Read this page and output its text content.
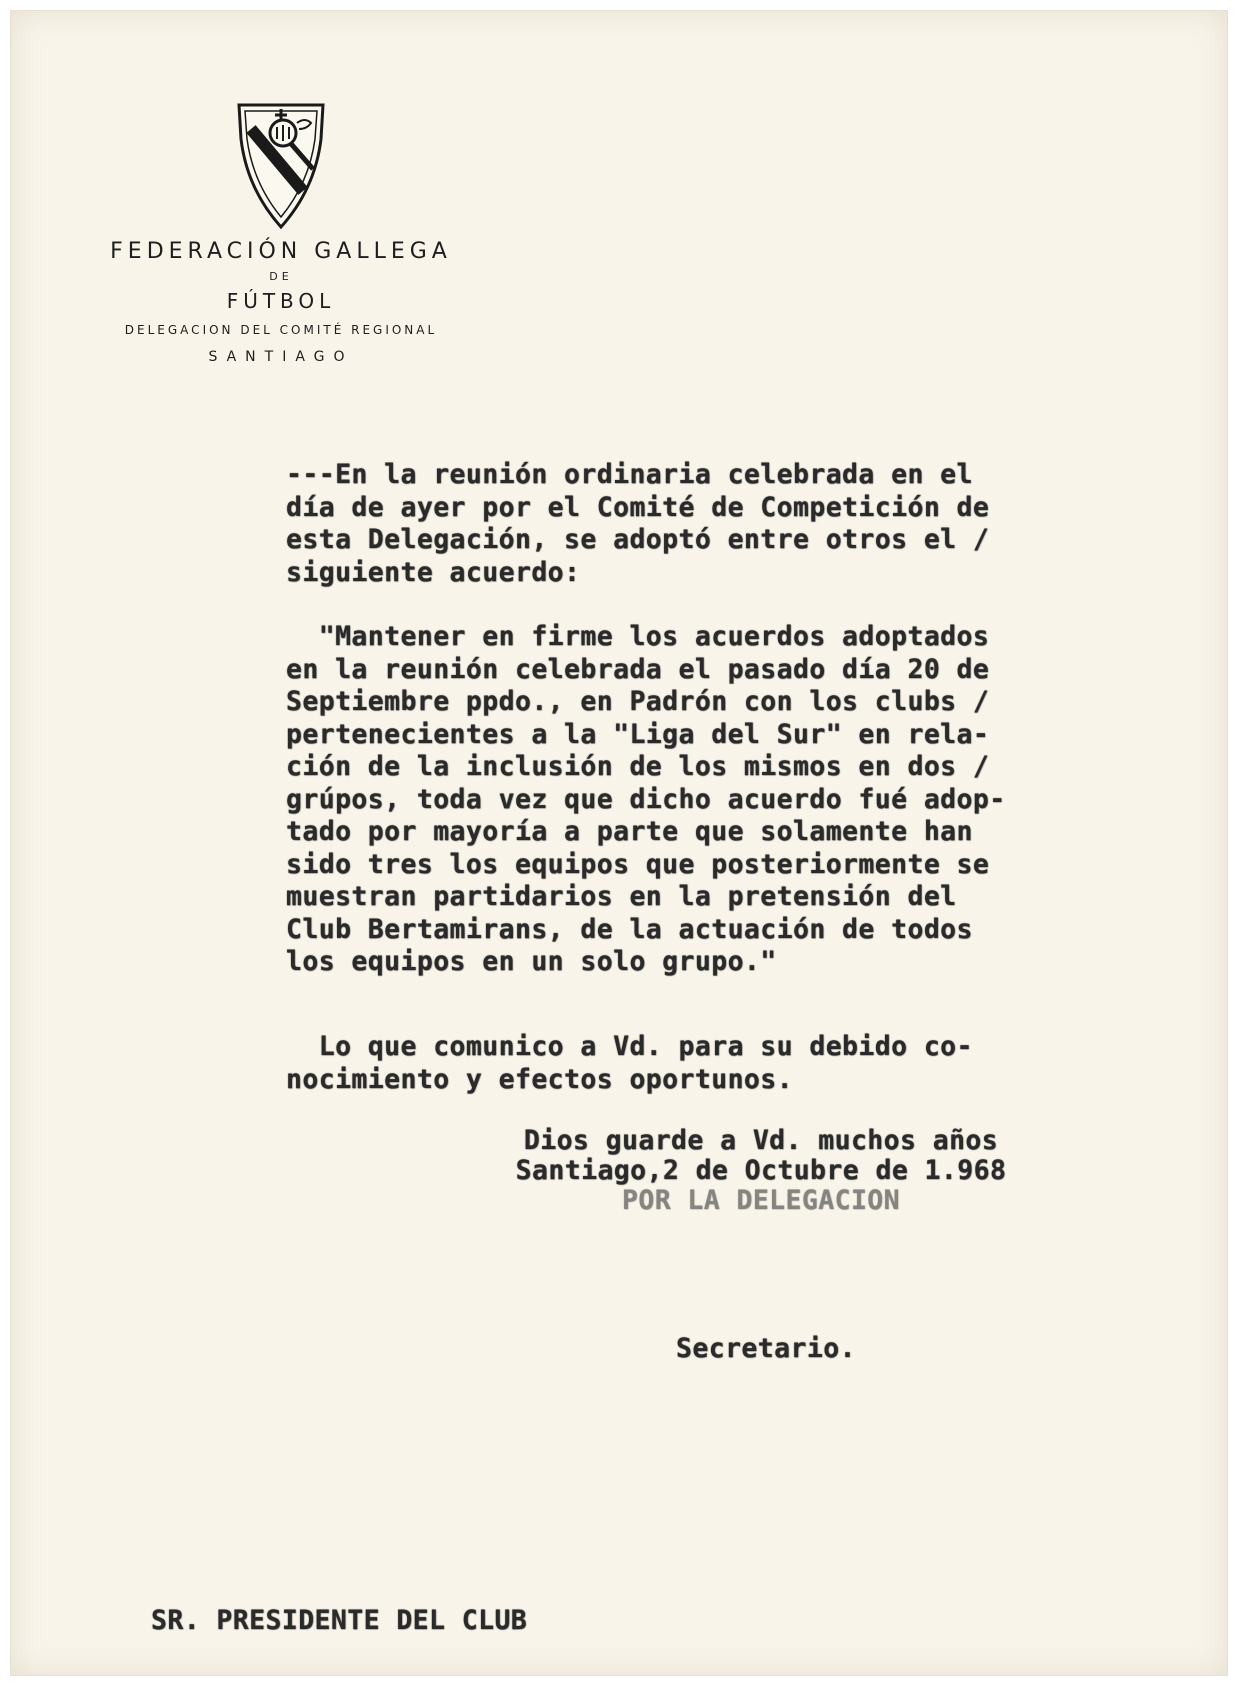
FEDERACIÓN GALLEGA
DE
FÚTBOL
DELEGACION DEL COMITÉ REGIONAL
SANTIAGO

---En la reunión ordinaria celebrada en el
día de ayer por el Comité de Competición de
esta Delegación, se adoptó entre otros el /
siguiente acuerdo:

"Mantener en firme los acuerdos adoptados
en la reunión celebrada el pasado día 20 de
Septiembre ppdo., en Padrón con los clubs /
pertenecientes a la "Liga del Sur" en rela-
ción de la inclusión de los mismos en dos /
grúpos, toda vez que dicho acuerdo fué adop-
tado por mayoría a parte que solamente han
sido tres los equipos que posteriormente se
muestran partidarios en la pretensión del
Club Bertamirans, de la actuación de todos
los equipos en un solo grupo."

Lo que comunico a Vd. para su debido co-
nocimiento y efectos oportunos.

Dios guarde a Vd. muchos años
Santiago,2 de Octubre de 1.968
POR LA DELEGACION
Secretario.
SR. PRESIDENTE DEL CLUB
